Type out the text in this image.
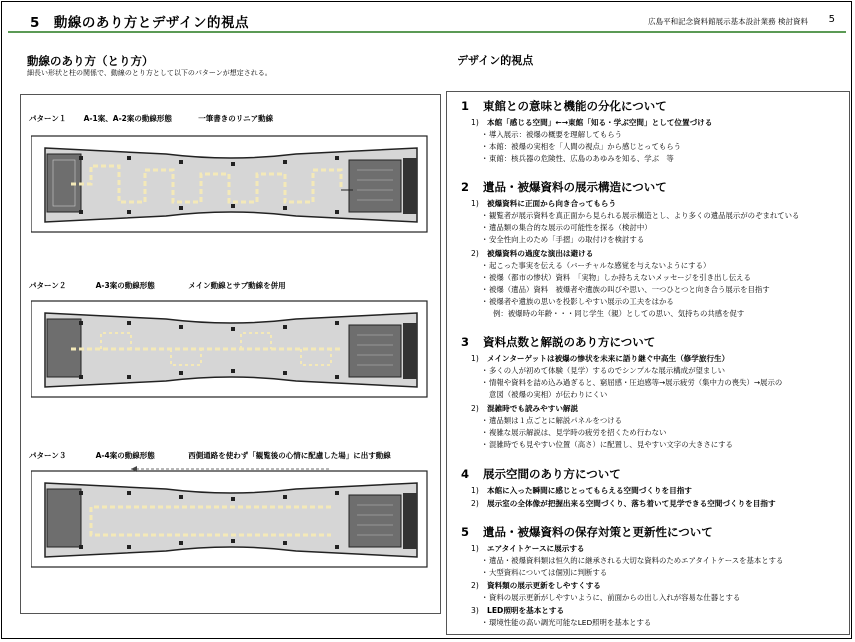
5　動線のあり方とデザイン的視点	広島平和記念資料館展示基本設計業務 検討資料 5
動線のあり方（とり方）
細長い形状と柱の関係で、動線のとり方として以下のパターンが想定される。
デザイン的視点
パターン１ A-1案、A-2案の動線形態	一筆書きのリニア動線
パターン２	A-3案の動線形態	メイン動線とサブ動線を併用
パターン３	A-4案の動線形態	西側通路を使わず「観覧後の心情に配慮した場」に出す動線
1 東館との意味と機能の分化について
1) 本館「感じる空間」←→東館「知る・学ぶ空間」として位置づける
・導入展示：被爆の概要を理解してもらう
・本館：被爆の実相を「人間の視点」から感じとってもらう
・東館：核兵器の危険性、広島のあゆみを知る、学ぶ　等
2 遺品・被爆資料の展示構造について
1) 被爆資料に正面から向き合ってもらう
・観覧者が展示資料を真正面から見られる展示構造とし、より多くの遺品展示がのぞまれている
・遺品類の集合的な展示の可能性を探る（検討中）
・安全性向上のため「手摺」の取付けを検討する
2) 被爆資料の過度な演出は避ける
・起こった事実を伝える（バーチャルな感覚を与えないようにする）
・被爆（都市の惨状）資料　「実物」しか持ちえないメッセージを引き出し伝える
・被爆（遺品）資料　被爆者や遺族の叫びや思い、一つひとつと向き合う展示を目指す
・被爆者や遺族の思いを投影しやすい展示の工夫をはかる
例：被爆時の年齢・・・同じ学生（親）としての思い、気持ちの共感を促す
3 資料点数と解説のあり方について
1) メインターゲットは被爆の惨状を未来に語り継ぐ中高生（修学旅行生）
・多くの人が初めて体験（見学）するのでシンプルな展示構成が望ましい
・情報や資料を詰め込み過ぎると、窮屈感・圧迫感等→展示疲労（集中力の喪失）→展示の
意図（被爆の実相）が伝わりにくい
2) 混雑時でも読みやすい解説
・遺品類は１点ごとに解説パネルをつける
・複雑な展示解説は、見学時の疲労を招くため行わない
・混雑時でも見やすい位置（高さ）に配置し、見やすい文字の大きさにする
4 展示空間のあり方について
1) 本館に入った瞬間に感じとってもらえる空間づくりを目指す
2) 展示室の全体像が把握出来る空間づくり、落ち着いて見学できる空間づくりを目指す
5 遺品・被爆資料の保存対策と更新性について
1) エアタイトケースに展示する
・遺品・被爆資料類は恒久的に継承される大切な資料のためエアタイトケースを基本とする
・大型資料については個別に判断する
2) 資料類の展示更新をしやすくする
・資料の展示更新がしやすいように、前面からの出し入れが容易な仕器とする
3) LED照明を基本とする
・環境性能の高い調光可能なLED照明を基本とする
